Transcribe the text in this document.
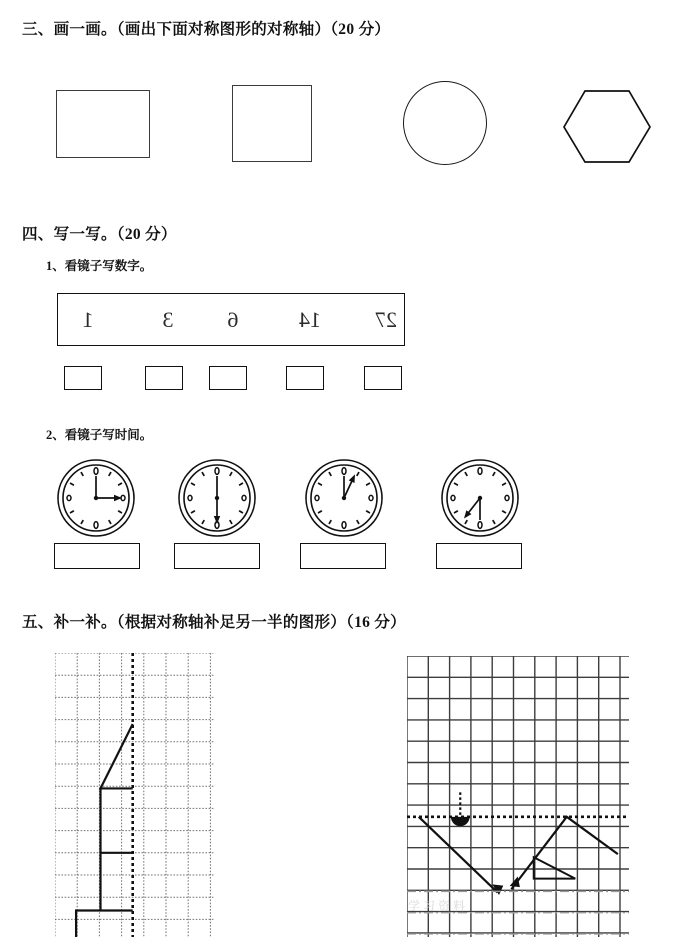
三、画一画。（画出下面对称图形的对称轴）（20 分）
四、写一写。（20 分）
1、看镜子写数字。
1	3 6	14 27
2、看镜子写时间。
五、补一补。（根据对称轴补足另一半的图形）（16 分）
学习资料
